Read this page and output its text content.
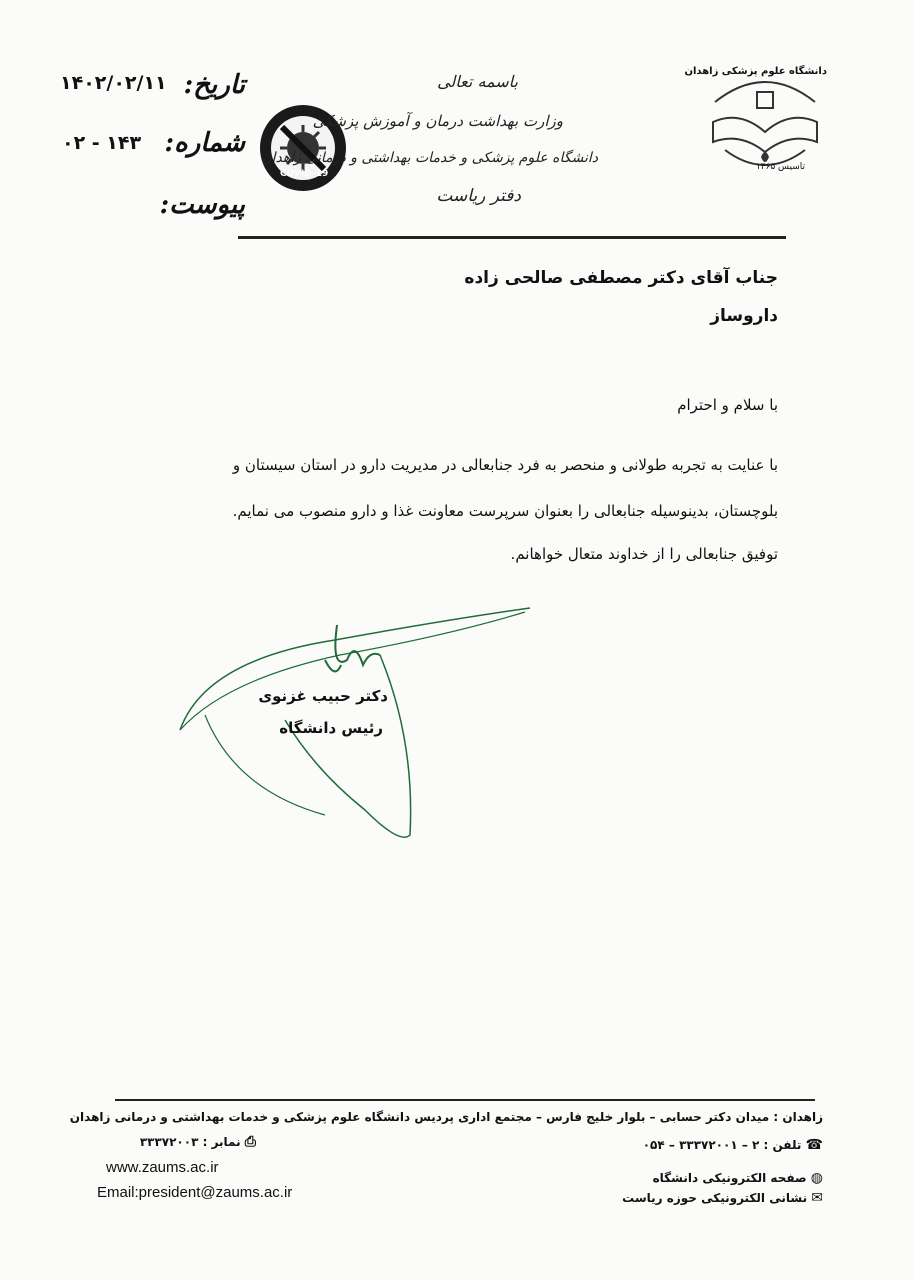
تاریخ:
۱۴۰۲/۰۲/۱۱
شماره:
۰۲ - ۱۴۳
پیوست:
COVID-19
باسمه تعالی
وزارت بهداشت درمان و آموزش پزشکی
دانشگاه علوم پزشکی و خدمات بهداشتی و درمانی زاهدان
دفتر ریاست
دانشگاه علوم پزشکی زاهدان
تاسیس ۱۳۶۵
جناب آقای دکتر مصطفی صالحی زاده
داروساز
با سلام و احترام
با عنایت به تجربه طولانی و منحصر به فرد جنابعالی در مدیریت دارو در استان سیستان و
بلوچستان، بدینوسیله جنابعالی را بعنوان سرپرست معاونت غذا و دارو منصوب می نمایم.
توفیق جنابعالی را از خداوند متعال خواهانم.
دکتر حبیب غزنوی
رئیس دانشگاه
زاهدان : میدان دکتر حسابی – بلوار خلیج فارس – مجتمع اداری پردیس دانشگاه علوم پزشکی و خدمات بهداشتی و درمانی زاهدان
☎ تلفن : ۲ – ۳۳۳۷۲۰۰۱ – ۰۵۴
⎙ نمابر : ۳۳۳۷۲۰۰۳
www.zaums.ac.ir
Email:president@zaums.ac.ir
◍ صفحه الکترونیکی دانشگاه
✉ نشانی الکترونیکی حوزه ریاست
